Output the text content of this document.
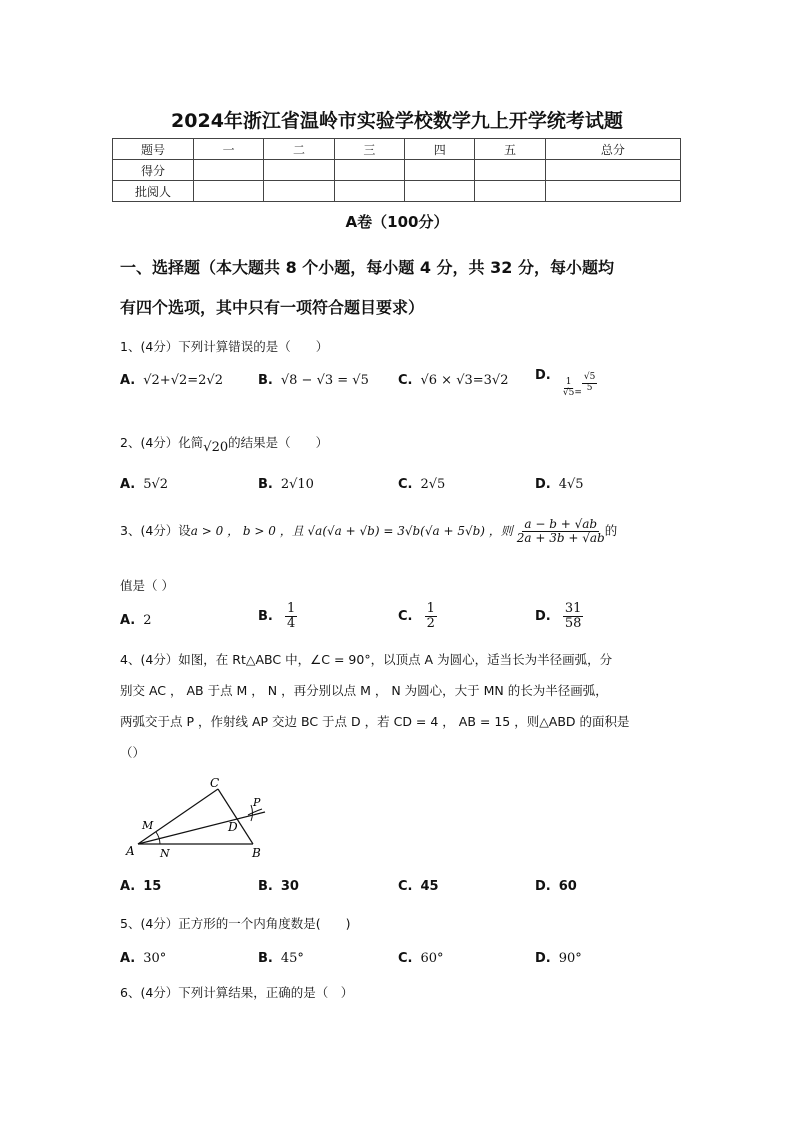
2024年浙江省温岭市实验学校数学九上开学统考试题
题号	一	二	三	四	五	总分
得分						
批阅人						
A卷（100分）
一、选择题（本大题共 8 个小题，每小题 4 分，共 32 分，每小题均
有四个选项，其中只有一项符合题目要求）
1、(4分）下列计算错误的是（　　）
A. √2+√2=2√2	B. √8 − √3 = √5 C. √6 × √3=3√2 D.
$\frac{1}{√5} _= \frac{√5}{5}$
2、(4分）化简√20的结果是（　　）
A. 5√2	B. 2√10	C. 2√5	D. 4√5
3、(4分）设a > 0 ， b > 0 ，且 √a(√a + √b) = 3√b(√a + 5√b) ，则 $\frac{a - b + √ab}{2a + 3b + √ab}$ 的
值是（ ）
A. 2	B. $\frac{1}{4}$	C. $\frac{1}{2}$	D. $\frac{31}{58}$
4、(4分）如图，在 Rt△ABC 中，∠C = 90°，以顶点 A 为圆心，适当长为半径画弧，分
别交 AC ， AB 于点 M ， N ，再分别以点 M ， N 为圆心，大于 MN 的长为半径画弧，
两弧交于点 P ，作射线 AP 交边 BC 于点 D ，若 CD = 4 ， AB = 15 ，则△ABD 的面积是
（）
A	B
C
D
M
N
P
A. 15	B. 30	C. 45	D. 60
5、(4分）正方形的一个内角度数是(　　)
A. 30°	B. 45°	C. 60°	D. 90°
6、(4分）下列计算结果，正确的是（　）
